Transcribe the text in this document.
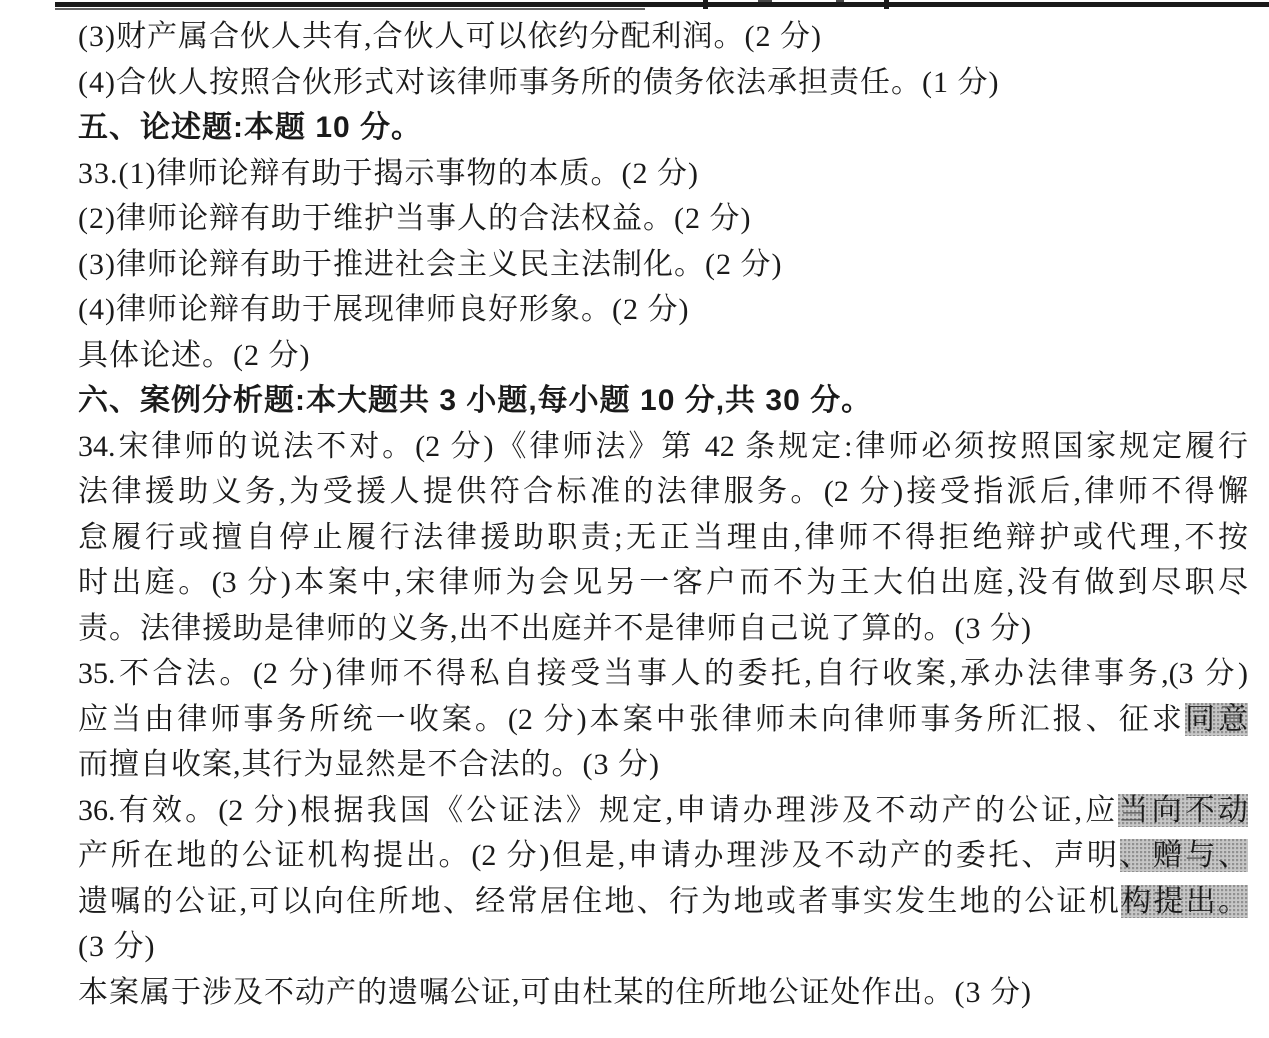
(3)财产属合伙人共有,合伙人可以依约分配利润。(2 分)
(4)合伙人按照合伙形式对该律师事务所的债务依法承担责任。(1 分)
五、论述题:本题 10 分。
33.(1)律师论辩有助于揭示事物的本质。(2 分)
(2)律师论辩有助于维护当事人的合法权益。(2 分)
(3)律师论辩有助于推进社会主义民主法制化。(2 分)
(4)律师论辩有助于展现律师良好形象。(2 分)
具体论述。(2 分)
六、案例分析题:本大题共 3 小题,每小题 10 分,共 30 分。
34.宋律师的说法不对。(2 分)《律师法》第 42 条规定:律师必须按照国家规定履行
法律援助义务,为受援人提供符合标准的法律服务。(2 分)接受指派后,律师不得懈
怠履行或擅自停止履行法律援助职责;无正当理由,律师不得拒绝辩护或代理,不按
时出庭。(3 分)本案中,宋律师为会见另一客户而不为王大伯出庭,没有做到尽职尽
责。法律援助是律师的义务,出不出庭并不是律师自己说了算的。(3 分)
35.不合法。(2 分)律师不得私自接受当事人的委托,自行收案,承办法律事务,(3 分)
应当由律师事务所统一收案。(2 分)本案中张律师未向律师事务所汇报、征求同意
而擅自收案,其行为显然是不合法的。(3 分)
36.有效。(2 分)根据我国《公证法》规定,申请办理涉及不动产的公证,应当向不动
产所在地的公证机构提出。(2 分)但是,申请办理涉及不动产的委托、声明、赠与、
遗嘱的公证,可以向住所地、经常居住地、行为地或者事实发生地的公证机构提出。
(3 分)
本案属于涉及不动产的遗嘱公证,可由杜某的住所地公证处作出。(3 分)
